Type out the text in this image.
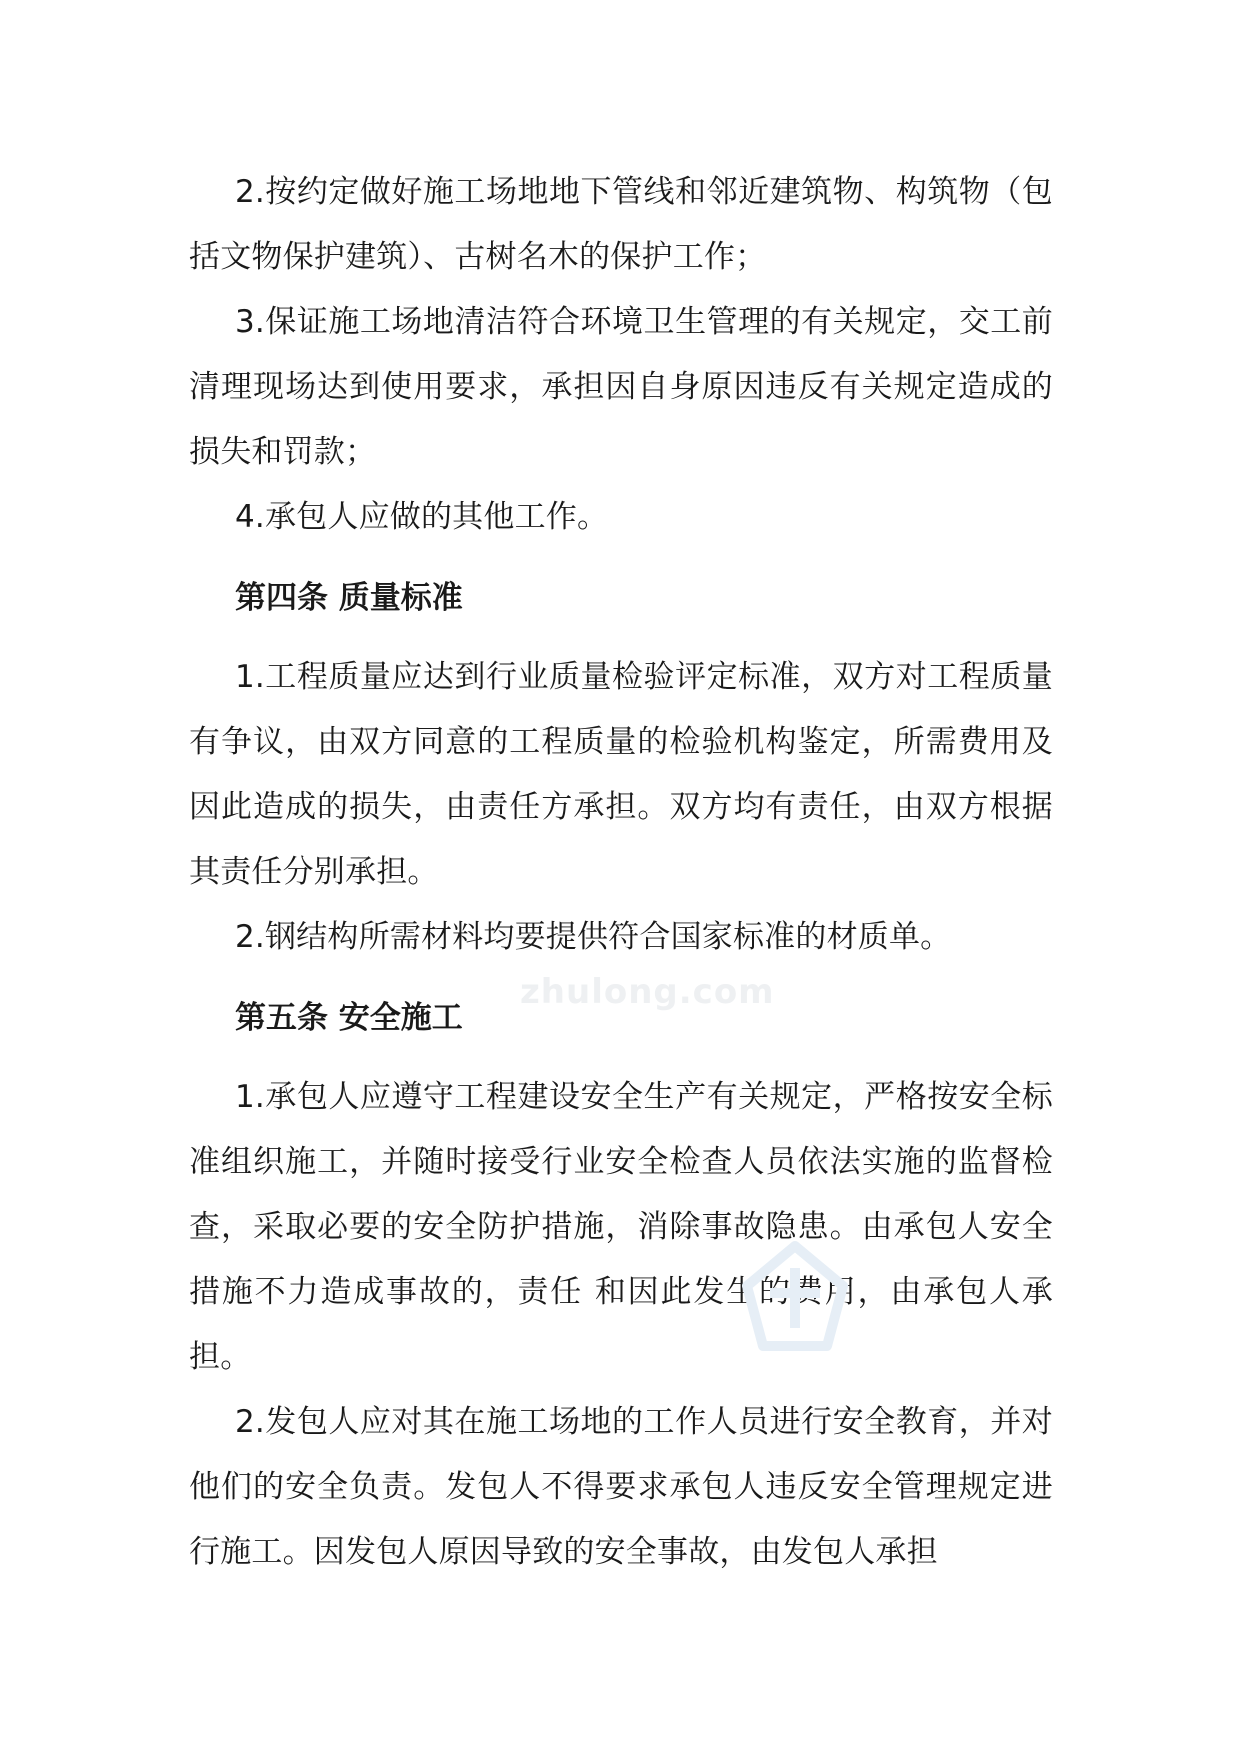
2.按约定做好施工场地地下管线和邻近建筑物、构筑物（包括文物保护建筑）、古树名木的保护工作；

3.保证施工场地清洁符合环境卫生管理的有关规定，交工前清理现场达到使用要求，承担因自身原因违反有关规定造成的损失和罚款；

4.承包人应做的其他工作。

第四条 质量标准

1.工程质量应达到行业质量检验评定标准，双方对工程质量有争议，由双方同意的工程质量的检验机构鉴定，所需费用及因此造成的损失，由责任方承担。双方均有责任，由双方根据其责任分别承担。

2.钢结构所需材料均要提供符合国家标准的材质单。

第五条 安全施工

1.承包人应遵守工程建设安全生产有关规定，严格按安全标准组织施工，并随时接受行业安全检查人员依法实施的监督检查，采取必要的安全防护措施，消除事故隐患。由承包人安全措施不力造成事故的，责任 和因此发生的费用，由承包人承担。

2.发包人应对其在施工场地的工作人员进行安全教育，并对他们的安全负责。发包人不得要求承包人违反安全管理规定进行施工。因发包人原因导致的安全事故，由发包人承担

zhulong.com
